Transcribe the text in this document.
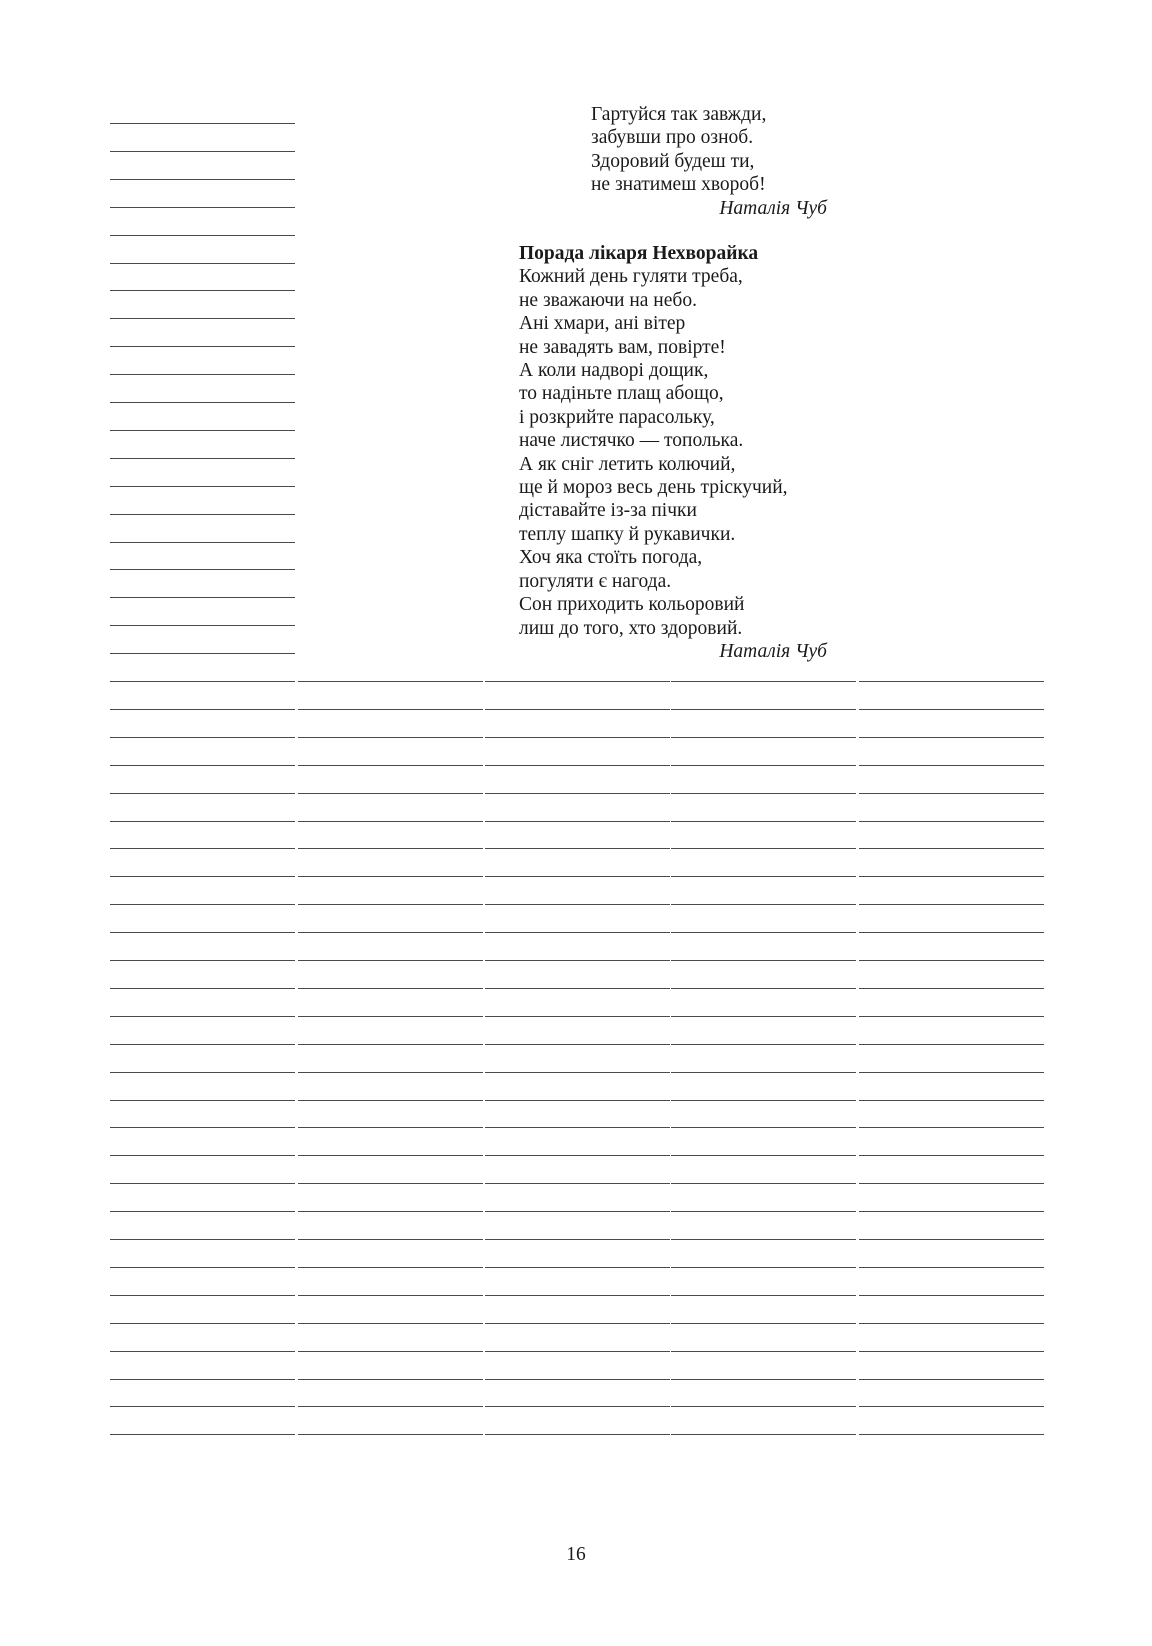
Гартуйся так завжди,
забувши про озноб.
Здоровий будеш ти,
не знатимеш хвороб!
Наталія Чуб
Порада лікаря Нехворайка
Кожний день гуляти треба,
не зважаючи на небо.
Ані хмари, ані вітер
не завадять вам, повірте!
А коли надворі дощик,
то надіньте плащ абощо,
і розкрийте парасольку,
наче листячко — тополька.
А як сніг летить колючий,
ще й мороз весь день тріскучий,
діставайте із-за пічки
теплу шапку й рукавички.
Хоч яка стоїть погода,
погуляти є нагода.
Сон приходить кольоровий
лиш до того, хто здоровий.
Наталія Чуб
16
